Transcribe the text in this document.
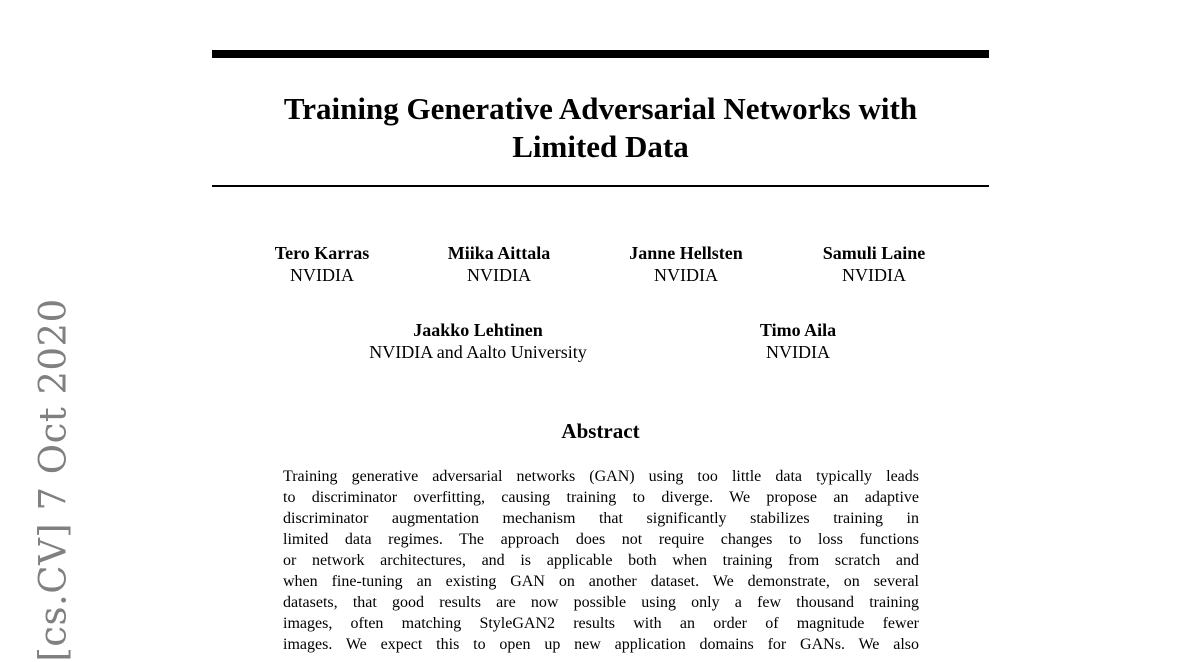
Training Generative Adversarial Networks with
Limited Data
Tero Karras
NVIDIA
Miika Aittala
NVIDIA
Janne Hellsten
NVIDIA
Samuli Laine
NVIDIA
Jaakko Lehtinen
NVIDIA and Aalto University
Timo Aila
NVIDIA
Abstract
Training generative adversarial networks (GAN) using too little data typically leads
to discriminator overfitting, causing training to diverge. We propose an adaptive
discriminator augmentation mechanism that significantly stabilizes training in
limited data regimes. The approach does not require changes to loss functions
or network architectures, and is applicable both when training from scratch and
when fine-tuning an existing GAN on another dataset. We demonstrate, on several
datasets, that good results are now possible using only a few thousand training
images, often matching StyleGAN2 results with an order of magnitude fewer
images. We expect this to open up new application domains for GANs. We also
[cs.CV] 7 Oct 2020
